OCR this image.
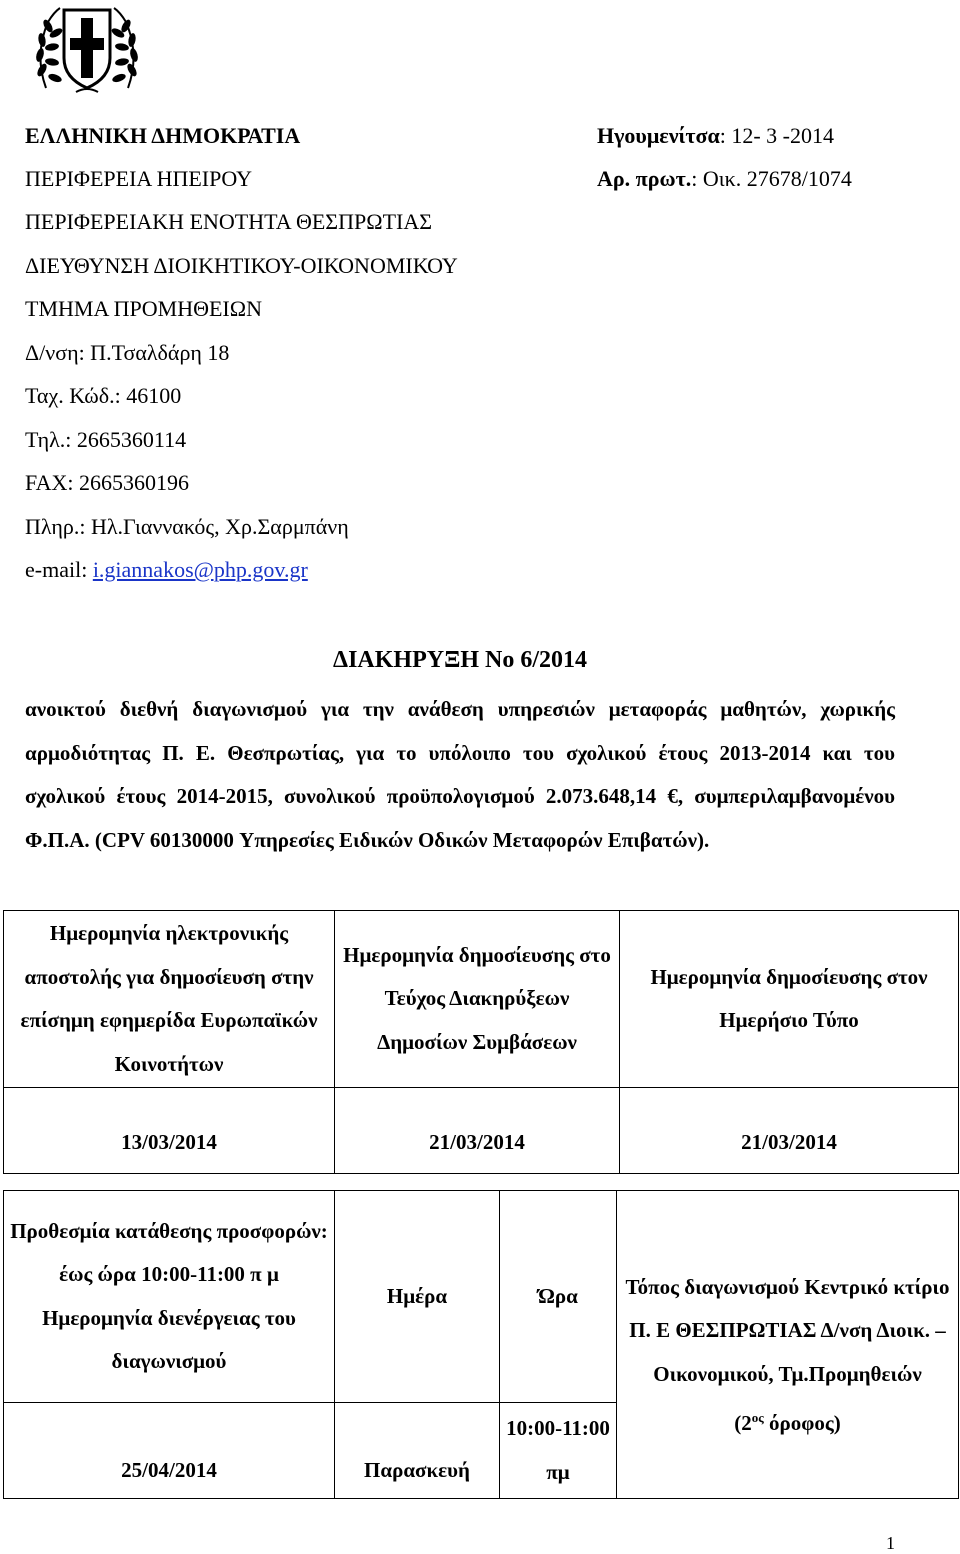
ΕΛΛΗΝΙΚΗ ΔΗΜΟΚΡΑΤΙΑ
ΠΕΡΙΦΕΡΕΙΑ ΗΠΕΙΡΟΥ
ΠΕΡΙΦΕΡΕΙΑΚΗ ΕΝΟΤΗΤΑ ΘΕΣΠΡΩΤΙΑΣ
ΔΙΕΥΘΥΝΣΗ ΔΙΟΙΚΗΤΙΚΟΥ-ΟΙΚΟΝΟΜΙΚΟΥ
ΤΜΗΜΑ ΠΡΟΜΗΘΕΙΩΝ
Δ/νση: Π.Τσαλδάρη 18
Ταχ. Κώδ.: 46100
Τηλ.: 2665360114
FAX: 2665360196
Πληρ.: Ηλ.Γιαννακός, Χρ.Σαρμπάνη
e-mail: i.giannakos@php.gov.gr
Ηγουμενίτσα: 12- 3 -2014
Αρ. πρωτ.: Οικ. 27678/1074
ΔΙΑΚΗΡΥΞΗ Νο 6/2014
ανοικτού διεθνή διαγωνισμού για την ανάθεση υπηρεσιών μεταφοράς μαθητών, χωρικής αρμοδιότητας Π. Ε. Θεσπρωτίας, για το υπόλοιπο του σχολικού έτους 2013-2014 και του σχολικού έτους 2014-2015, συνολικού προϋπολογισμού 2.073.648,14 €, συμπεριλαμβανομένου Φ.Π.Α. (CPV 60130000 Υπηρεσίες Ειδικών Οδικών Μεταφορών Επιβατών).
Ημερομηνία ηλεκτρονικής αποστολής για δημοσίευση στην επίσημη εφημερίδα Ευρωπαϊκών Κοινοτήτων	Ημερομηνία δημοσίευσης στο Τεύχος Διακηρύξεων Δημοσίων Συμβάσεων	Ημερομηνία δημοσίευσης στον Ημερήσιο Τύπο
13/03/2014	21/03/2014	21/03/2014
Προθεσμία κατάθεσης προσφορών: έως ώρα 10:00-11:00 π μ Ημερομηνία διενέργειας του διαγωνισμού	Ημέρα	Ώρα	Τόπος διαγωνισμού Κεντρικό κτίριο Π. Ε ΘΕΣΠΡΩΤΙΑΣ Δ/νση Διοικ. –Οικονομικού, Τμ.Προμηθειών
($2^{o\varsigma}$ όροφος)
25/04/2014	Παρασκευή	10:00-11:00 πμ	
1
